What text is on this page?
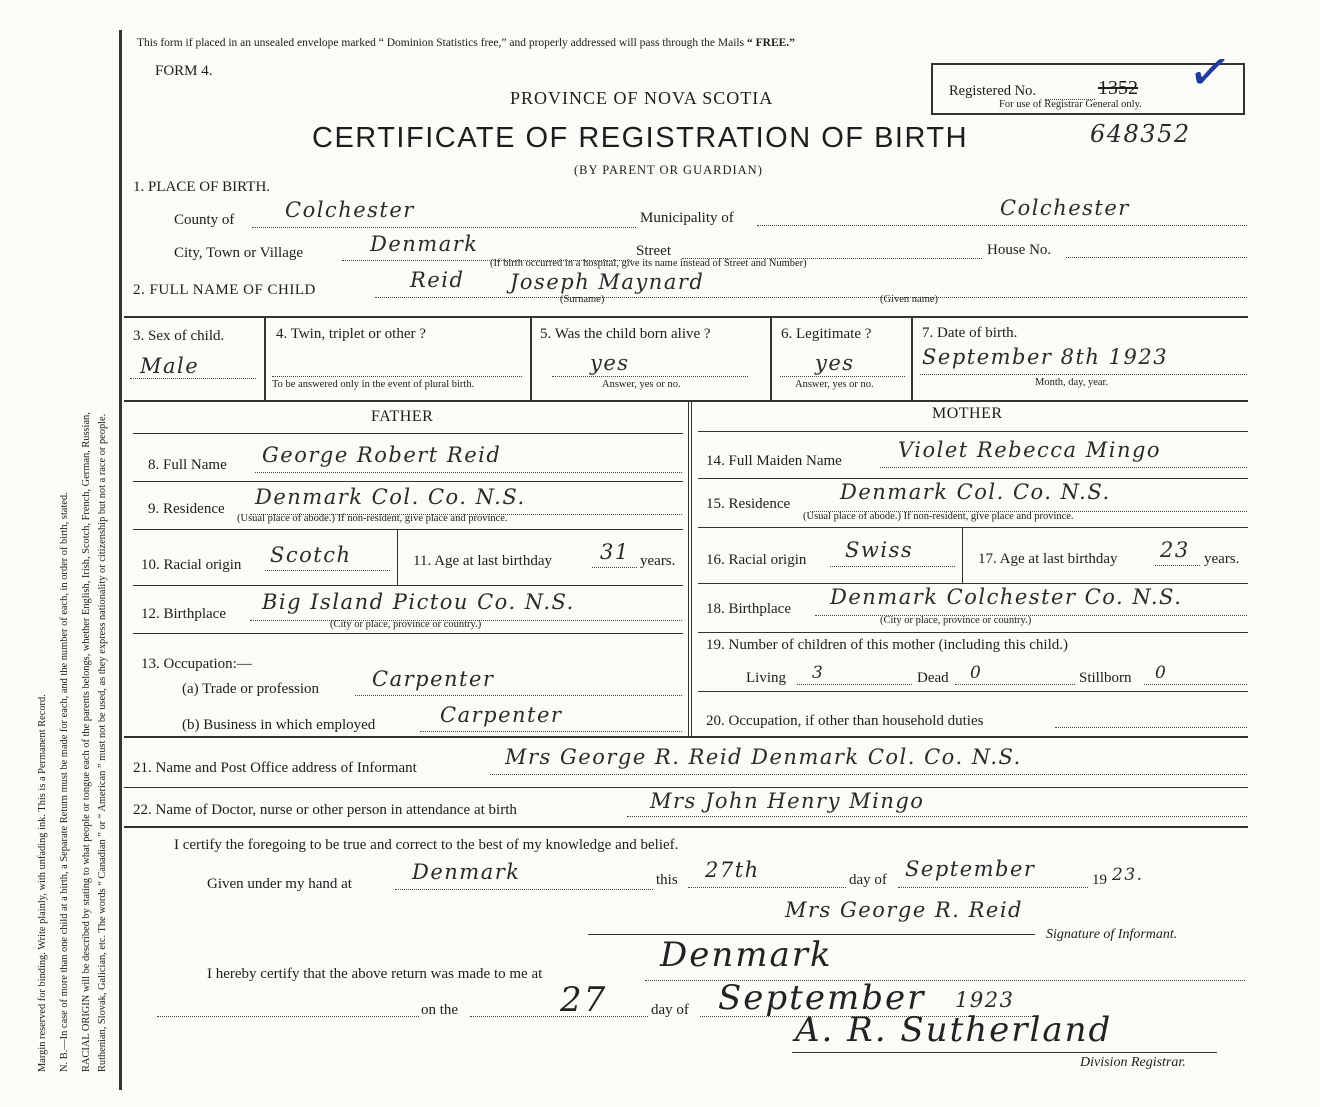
Margin reserved for binding. Write plainly, with unfading ink. This is a Permanent Record. N. B.—In case of more than one child at a birth, a Separate Return must be made for each, and the number of each, in order of birth, stated. RACIAL ORIGIN will be described by stating to what people or tongue each of the parents belongs, whether English, Irish, Scotch, French, German, Russian, Ruthenian, Slovak, Galician, etc. The words “ Canadian ” or “ American ” must not be used, as they express nationality or citizenship but not a race or people.
This form if placed in an unsealed envelope marked “ Dominion Statistics free,” and properly addressed will pass through the Mails “ FREE.”
FORM 4.
PROVINCE OF NOVA SCOTIA
CERTIFICATE OF REGISTRATION OF BIRTH
(BY PARENT OR GUARDIAN)
648352
Registered No.	1352
For use of Registrar General only. ✓
1. PLACE OF BIRTH.
County of Colchester	Municipality of	Colchester
City, Town or Village	Denmark	Street	House No.
(If birth occurred in a hospital, give its name instead of Street and Number)
2. FULL NAME OF CHILD	Reid Joseph Maynard
(Surname)	(Given name)
3. Sex of child.
Male
4. Twin, triplet or other ?
To be answered only in the event of plural birth.
5. Was the child born alive ?
yes
Answer, yes or no.
6. Legitimate ?
yes
Answer, yes or no.
7. Date of birth.
September 8th 1923
Month, day, year.
FATHER
8. Full Name George Robert Reid
9. Residence Denmark Col. Co. N.S.
(Usual place of abode.) If non-resident, give place and province.
10. Racial origin Scotch	11. Age at last birthday 31 years.
12. Birthplace Big Island Pictou Co. N.S.
(City or place, province or country.)
13. Occupation:—
(a) Trade or profession	Carpenter
(b) Business in which employed	Carpenter
MOTHER
14. Full Maiden Name	Violet Rebecca Mingo
15. Residence Denmark Col. Co. N.S.
(Usual place of abode.) If non-resident, give place and province.
16. Racial origin Swiss	17. Age at last birthday 23 years.
18. Birthplace Denmark Colchester Co. N.S.
(City or place, province or country.)
19. Number of children of this mother (including this child.)
Living 3	Dead 0	Stillborn 0
20. Occupation, if other than household duties
21. Name and Post Office address of Informant	Mrs George R. Reid Denmark Col. Co. N.S.
22. Name of Doctor, nurse or other person in attendance at birth	Mrs John Henry Mingo
I certify the foregoing to be true and correct to the best of my knowledge and belief.
Given under my hand at	Denmark	this 27th	day of September	19 23.
Mrs George R. Reid
Signature of Informant.
I hereby certify that the above return was made to me at	Denmark
on the	27	day of September 1923
A. R. Sutherland
Division Registrar.
